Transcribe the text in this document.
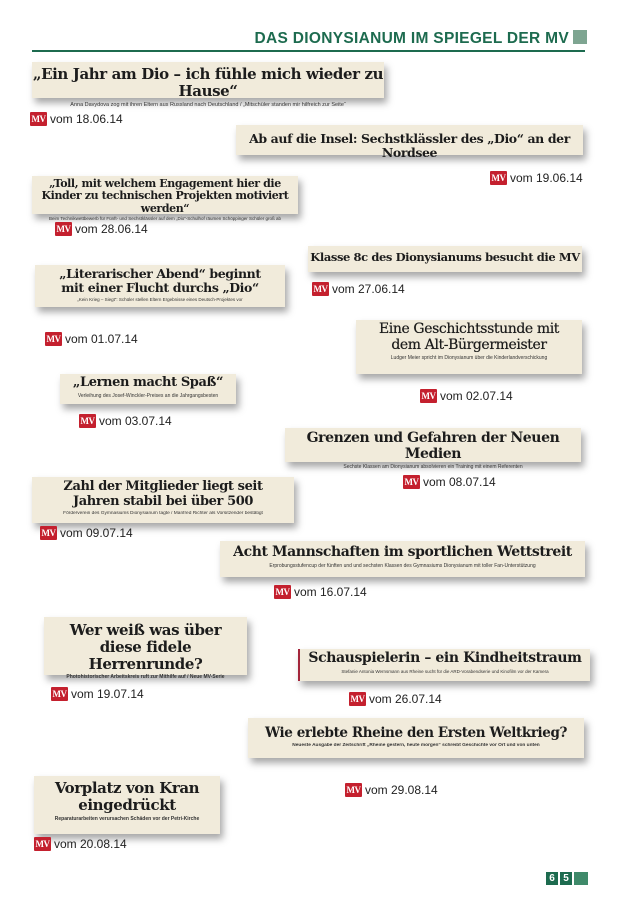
DAS DIONYSIANUM IM SPIEGEL DER MV
„Ein Jahr am Dio – ich fühle mich wieder zu Hause“
Anna Davydova zog mit ihren Eltern aus Russland nach Deutschland / „Mitschüler standen mir hilfreich zur Seite“
MV vom 18.06.14
Ab auf die Insel: Sechstklässler des „Dio“ an der Nordsee
MV vom 19.06.14
„Toll, mit welchem Engagement hier die Kinder zu technischen Projekten motiviert werden“
Beim Technikwettbewerb für Fünft- und Sechstklässler auf dem „Dio“-Schulhof räumen Schöppinger Schüler groß ab
MV vom 28.06.14
Klasse 8c des Dionysianums besucht die MV
MV vom 27.06.14
„Literarischer Abend“ beginnt mit einer Flucht durchs „Dio“
„Kein Krieg – Siegt“: Schüler stellen Eltern Ergebnisse eines Deutsch-Projektes vor
MV vom 01.07.14
Eine Geschichtsstunde mit dem Alt-Bürgermeister
Ludger Meier spricht im Dionysianum über die Kinderlandverschickung
MV vom 02.07.14
„Lernen macht Spaß“
Verleihung des Josef-Winckler-Preises an die Jahrgangsbesten
MV vom 03.07.14
Grenzen und Gefahren der Neuen Medien
Sechste Klassen am Dionysianum absolvieren ein Training mit einem Referenten
MV vom 08.07.14
Zahl der Mitglieder liegt seit Jahren stabil bei über 500
Förderverein des Gymnasiums Dionysianum tagte / Manfred Richter als Vorsitzender bestätigt
MV vom 09.07.14
Acht Mannschaften im sportlichen Wettstreit
Erprobungsstufencup der fünften und und sechsten Klassen des Gymnasiums Dionysianum mit toller Fan-Unterstützung
MV vom 16.07.14
Wer weiß was über diese fidele Herrenrunde?
Photohistorischer Arbeitskreis ruft zur Mithilfe auf / Neue MV-Serie
MV vom 19.07.14
Schauspielerin – ein Kindheitstraum
Stefanie Antonia Wernsmann aus Rheine sucht für die ARD-Vorabendserie und Kinofilm vor der Kamera
MV vom 26.07.14
Wie erlebte Rheine den Ersten Weltkrieg?
Neueste Ausgabe der Zeitschrift „Rheine gestern, heute morgen“ schreibt Geschichte vor Ort und von unten
MV vom 29.08.14
Vorplatz von Kran eingedrückt
Reparaturarbeiten verursachen Schäden vor der Petri-Kirche
MV vom 20.08.14
6 5
